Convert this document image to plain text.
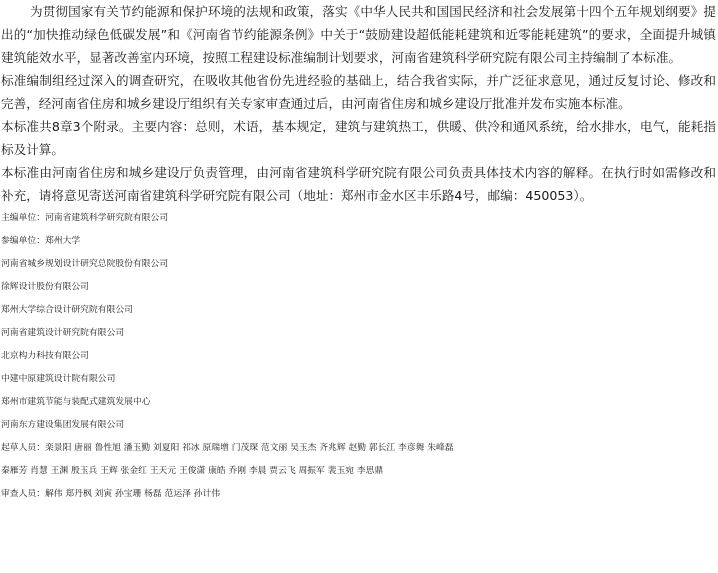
为贯彻国家有关节约能源和保护环境的法规和政策，落实《中华人民共和国国民经济和社会发展第十四个五年规划纲要》提出的“加快推动绿色低碳发展”和《河南省节约能源条例》中关于“鼓励建设超低能耗建筑和近零能耗建筑”的要求，全面提升城镇建筑能效水平，显著改善室内环境，按照工程建设标准编制计划要求，河南省建筑科学研究院有限公司主持编制了本标准。

标准编制组经过深入的调查研究，在吸收其他省份先进经验的基础上，结合我省实际，并广泛征求意见，通过反复讨论、修改和完善，经河南省住房和城乡建设厅组织有关专家审查通过后，由河南省住房和城乡建设厅批准并发布实施本标准。

本标准共8章3个附录。主要内容：总则，术语，基本规定，建筑与建筑热工，供暖、供冷和通风系统，给水排水，电气，能耗指标及计算。

本标准由河南省住房和城乡建设厅负责管理，由河南省建筑科学研究院有限公司负责具体技术内容的解释。在执行时如需修改和补充，请将意见寄送河南省建筑科学研究院有限公司（地址：郑州市金水区丰乐路4号，邮编：450053）。

主编单位：河南省建筑科学研究院有限公司
参编单位：郑州大学
河南省城乡规划设计研究总院股份有限公司
徐辉设计股份有限公司
郑州大学综合设计研究院有限公司
河南省建筑设计研究院有限公司
北京构力科技有限公司
中建中原建筑设计院有限公司
郑州市建筑节能与装配式建筑发展中心
河南东方建设集团发展有限公司
起草人员：栾景阳 唐丽 鲁性旭 潘玉勤 刘夏阳 祁冰 原瑞增 门茂琛 范文丽 吴玉杰 齐兆辉 赵勤 郭长江 李彦舞 朱峰磊
秦雁芳 肖慧 王渊 殷玉兵 王辉 张金红 王天元 王俊潇 康皓 乔刚 李晨 贾云飞 周振军 裴玉宛 李思鼎
审查人员：解伟 郑丹枫 刘寅 孙宝珊 杨磊 范运泽 孙计伟
